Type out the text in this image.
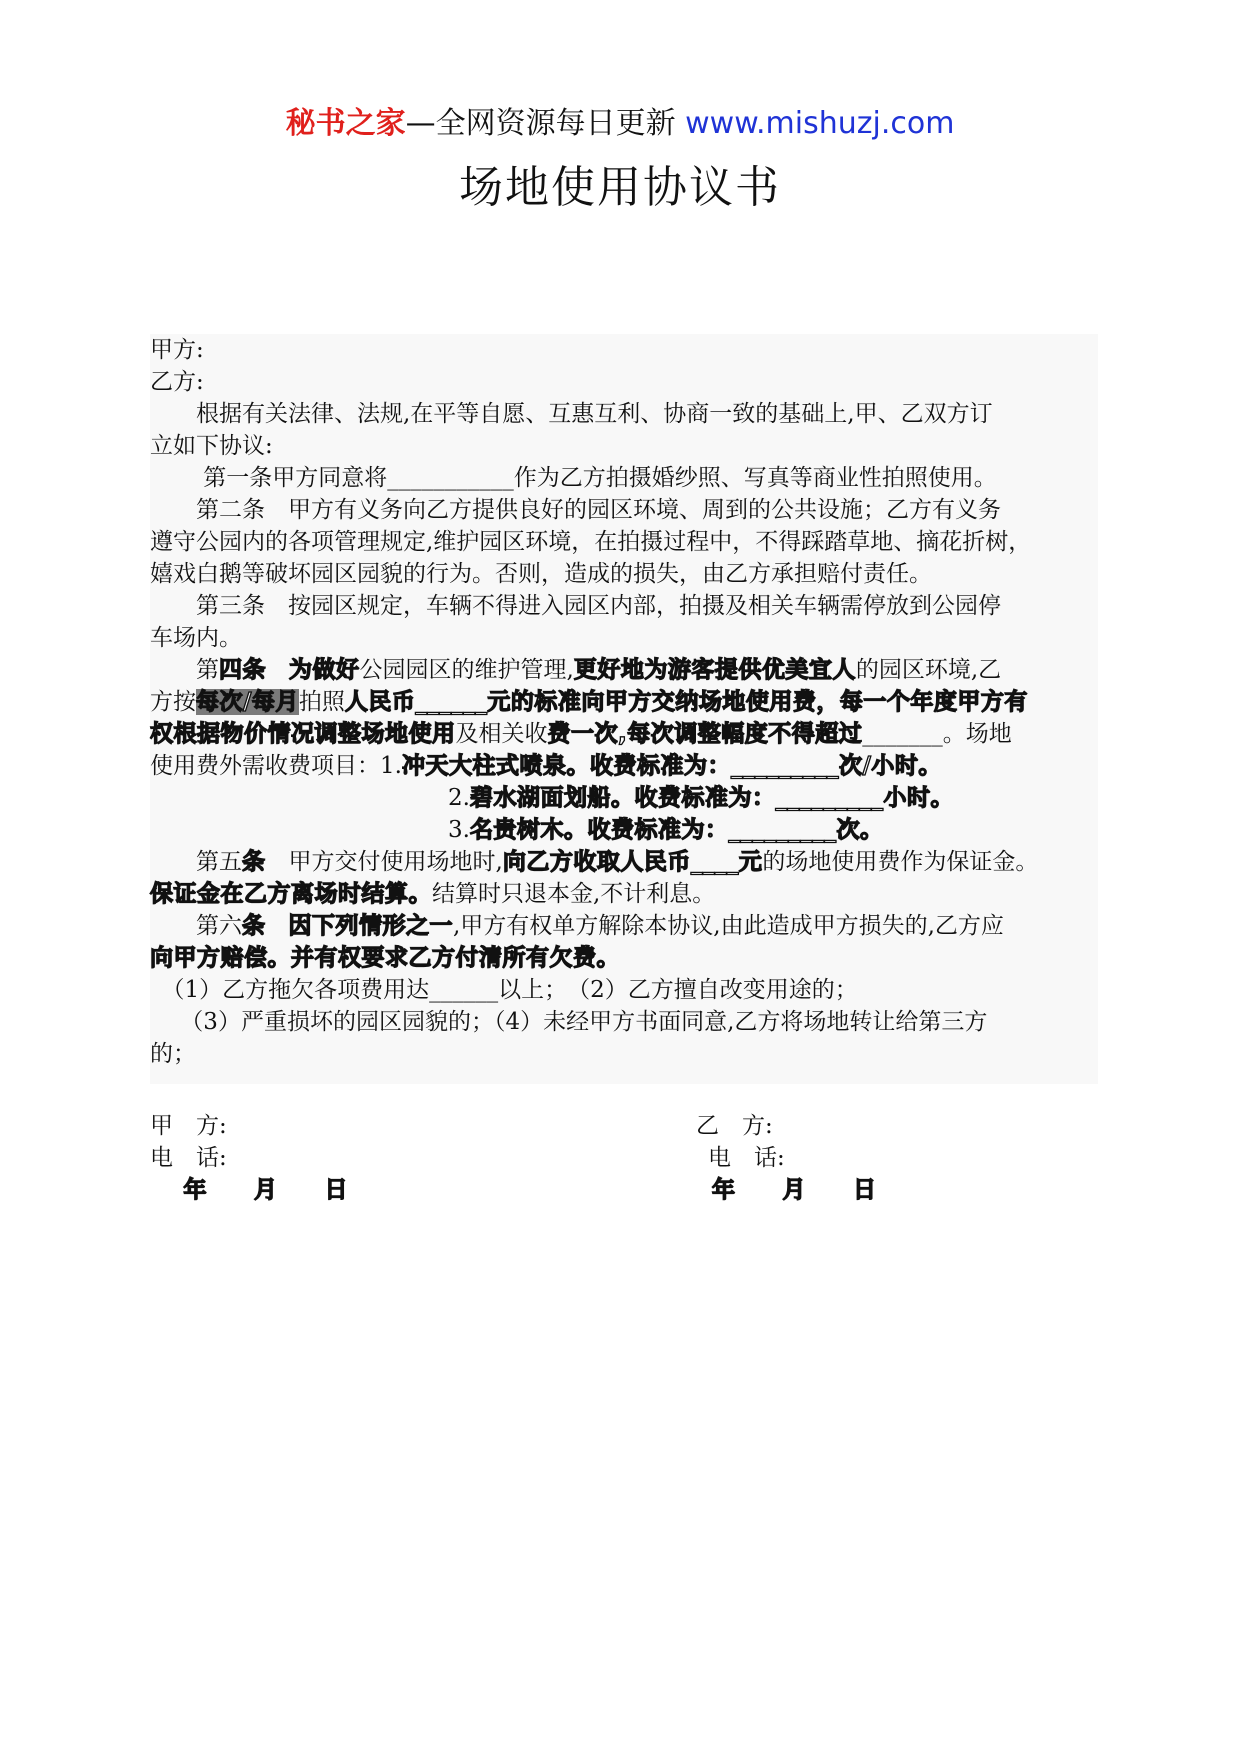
秘书之家—全网资源每日更新 www.mishuzj.com
场地使用协议书
甲方:
乙方:
　　根据有关法律、法规,在平等自愿、互惠互利、协商一致的基础上,甲、乙双方订
立如下协议:
　　 第一条甲方同意将___________作为乙方拍摄婚纱照、写真等商业性拍照使用。
　　第二条　甲方有义务向乙方提供良好的园区环境、周到的公共设施；乙方有义务
遵守公园内的各项管理规定,维护园区环境，在拍摄过程中，不得踩踏草地、摘花折树，
嬉戏白鹅等破坏园区园貌的行为。否则，造成的损失，由乙方承担赔付责任。
　　第三条　按园区规定，车辆不得进入园区内部，拍摄及相关车辆需停放到公园停
车场内。
　　第四条　 为做好公园园区的维护管理,更好地为游客提供优美宜人的园区环境,乙
方按每次/每月拍照人民币______元的标准向甲方交纳场地使用费，每一个年度甲方有
权根据物价情况调整场地使用及相关收费一次,每次调整幅度不得超过_______。场地
使用费外需收费项目：1.冲天大柱式喷泉。收费标准为：_________次/小时。
2.碧水湖面划船。收费标准为：_________小时。
3.名贵树木。收费标准为：_________次。
　　第五条　甲方交付使用场地时,向乙方收取人民币____元的场地使用费作为保证金。
保证金在乙方离场时结算。结算时只退本金,不计利息。
　　第六条　 因下列情形之一,甲方有权单方解除本协议,由此造成甲方损失的,乙方应
向甲方赔偿。并有权要求乙方付清所有欠费。
　（1）乙方拖欠各项费用达______以上；　（2）乙方擅自改变用途的；
　 （3）严重损坏的园区园貌的；（4）未经甲方书面同意,乙方将场地转让给第三方
的；
甲　方:
电　话:
　年　　月　　日
乙　方:
电　话:
年　　月　　日
